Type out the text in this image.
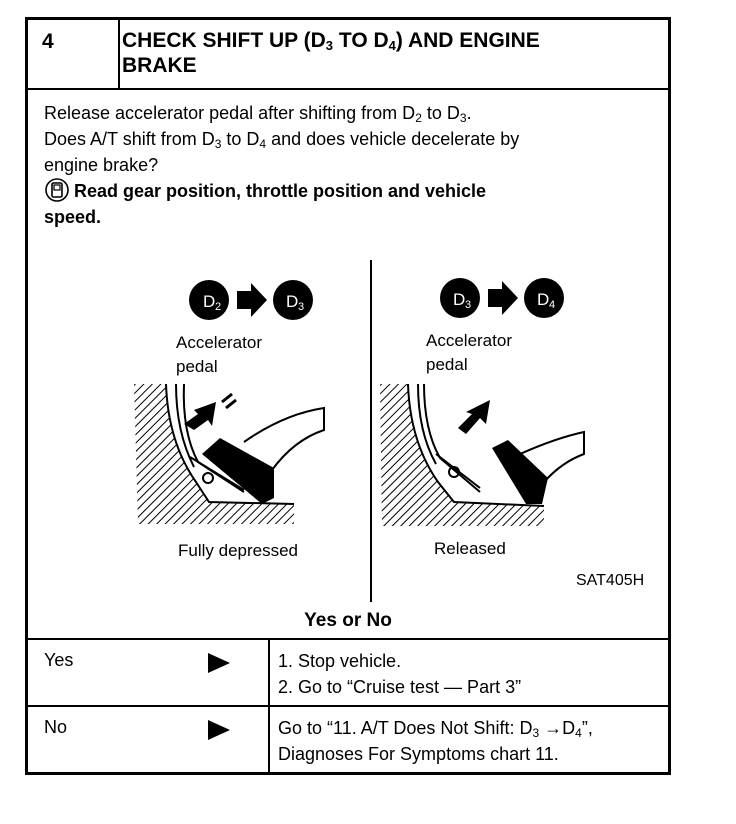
4	CHECK SHIFT UP ($D_3$ TO $D_4$) AND ENGINE
BRAKE
Release accelerator pedal after shifting from $D_2$ to $D_3$.
Does A/T shift from $D_3$ to $D_4$ and does vehicle decelerate by
engine brake?
Read gear position, throttle position and vehicle
speed.
D 2	D 3
Accelerator
pedal
Fully depressed
D 3	D 4
Accelerator
pedal
Released
SAT405H
Yes or No
Yes	1. Stop vehicle.
2. Go to “Cruise test — Part 3”
No	Go to “11. A/T Does Not Shift: $D_3 \to D_4$”,
Diagnoses For Symptoms chart 11.
